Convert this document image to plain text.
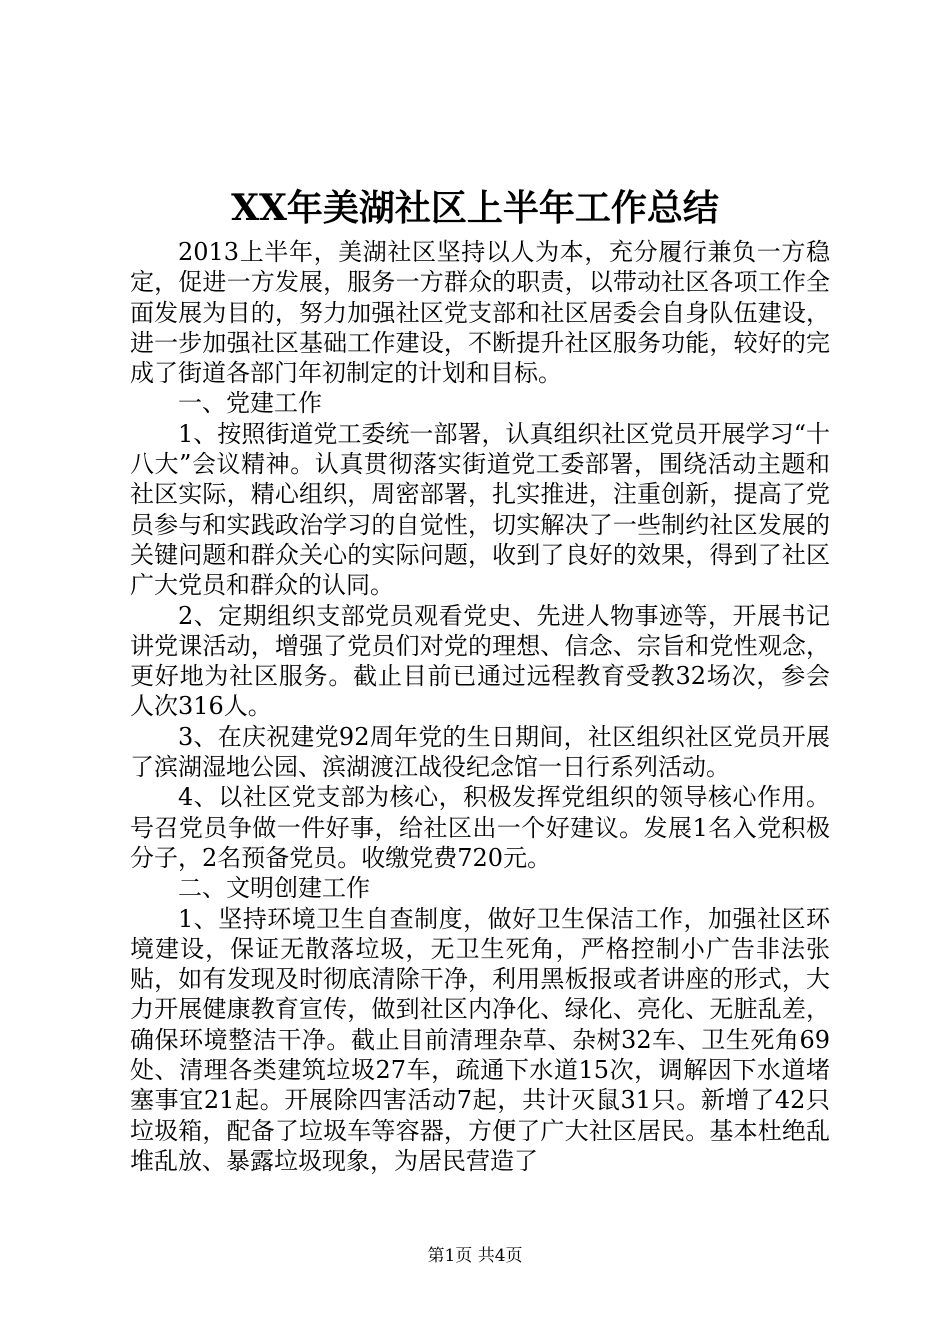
XX年美湖社区上半年工作总结

2013上半年，美湖社区坚持以人为本，充分履行兼负一方稳定，促进一方发展，服务一方群众的职责，以带动社区各项工作全面发展为目的，努力加强社区党支部和社区居委会自身队伍建设，进一步加强社区基础工作建设，不断提升社区服务功能，较好的完成了街道各部门年初制定的计划和目标。

一、党建工作

1、按照街道党工委统一部署，认真组织社区党员开展学习“十八大”会议精神。认真贯彻落实街道党工委部署，围绕活动主题和社区实际，精心组织，周密部署，扎实推进，注重创新，提高了党员参与和实践政治学习的自觉性，切实解决了一些制约社区发展的关键问题和群众关心的实际问题，收到了良好的效果，得到了社区广大党员和群众的认同。

2、定期组织支部党员观看党史、先进人物事迹等，开展书记讲党课活动，增强了党员们对党的理想、信念、宗旨和党性观念，更好地为社区服务。截止目前已通过远程教育受教32场次，参会人次316人。

3、在庆祝建党92周年党的生日期间，社区组织社区党员开展了滨湖湿地公园、滨湖渡江战役纪念馆一日行系列活动。

4、以社区党支部为核心，积极发挥党组织的领导核心作用。号召党员争做一件好事，给社区出一个好建议。发展1名入党积极分子，2名预备党员。收缴党费720元。

二、文明创建工作

1、坚持环境卫生自查制度，做好卫生保洁工作，加强社区环境建设，保证无散落垃圾，无卫生死角，严格控制小广告非法张贴，如有发现及时彻底清除干净，利用黑板报或者讲座的形式，大力开展健康教育宣传，做到社区内净化、绿化、亮化、无脏乱差，确保环境整洁干净。截止目前清理杂草、杂树32车、卫生死角69处、清理各类建筑垃圾27车，疏通下水道15次，调解因下水道堵塞事宜21起。开展除四害活动7起，共计灭鼠31只。新增了42只垃圾箱，配备了垃圾车等容器，方便了广大社区居民。基本杜绝乱堆乱放、暴露垃圾现象，为居民营造了

第1页 共4页
